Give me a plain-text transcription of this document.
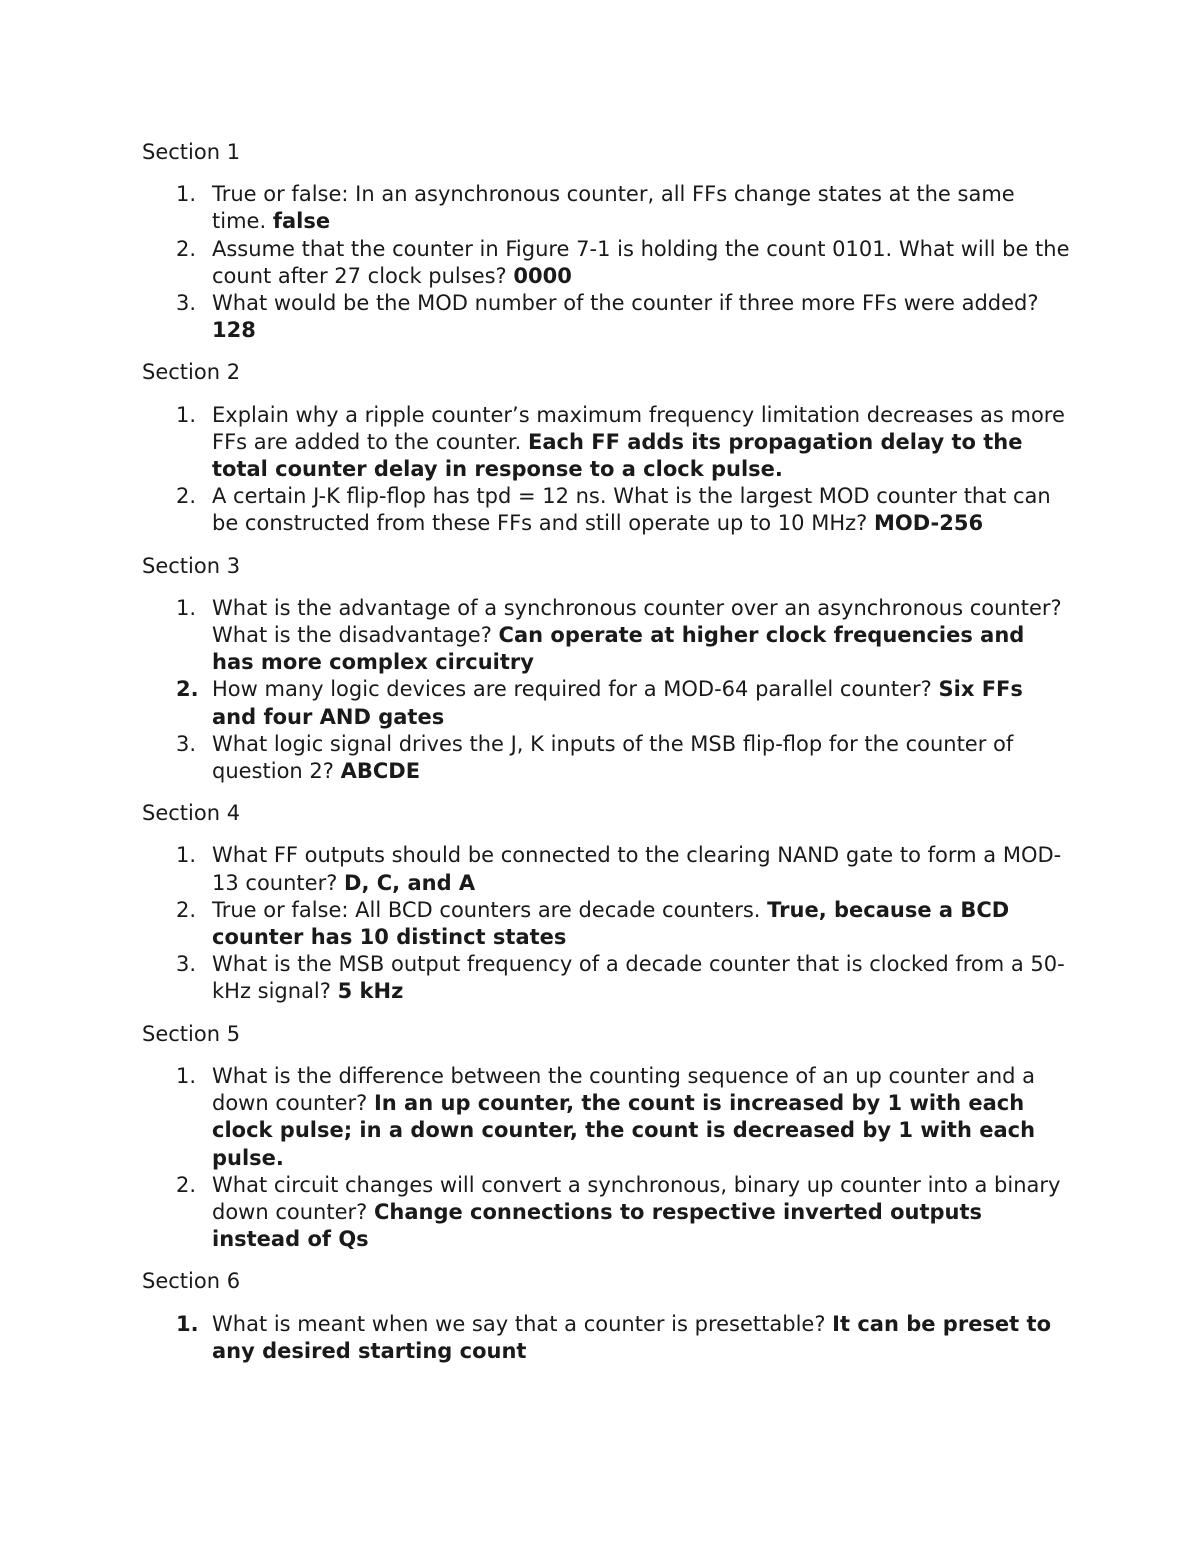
Section 1
1. True or false: In an asynchronous counter, all FFs change states at the same time. false
2. Assume that the counter in Figure 7-1 is holding the count 0101. What will be the count after 27 clock pulses? 0000
3. What would be the MOD number of the counter if three more FFs were added? 128
Section 2
1. Explain why a ripple counter’s maximum frequency limitation decreases as more FFs are added to the counter. Each FF adds its propagation delay to the total counter delay in response to a clock pulse.
2. A certain J-K flip-flop has tpd = 12 ns. What is the largest MOD counter that can be constructed from these FFs and still operate up to 10 MHz? MOD-256
Section 3
1. What is the advantage of a synchronous counter over an asynchronous counter? What is the disadvantage? Can operate at higher clock frequencies and has more complex circuitry
2. How many logic devices are required for a MOD-64 parallel counter? Six FFs and four AND gates
3. What logic signal drives the J, K inputs of the MSB flip-flop for the counter of question 2? ABCDE
Section 4
1. What FF outputs should be connected to the clearing NAND gate to form a MOD-13 counter? D, C, and A
2. True or false: All BCD counters are decade counters. True, because a BCD counter has 10 distinct states
3. What is the MSB output frequency of a decade counter that is clocked from a 50-kHz signal? 5 kHz
Section 5
1. What is the difference between the counting sequence of an up counter and a down counter? In an up counter, the count is increased by 1 with each clock pulse; in a down counter, the count is decreased by 1 with each pulse.
2. What circuit changes will convert a synchronous, binary up counter into a binary down counter? Change connections to respective inverted outputs instead of Qs
Section 6
1. What is meant when we say that a counter is presettable? It can be preset to any desired starting count
